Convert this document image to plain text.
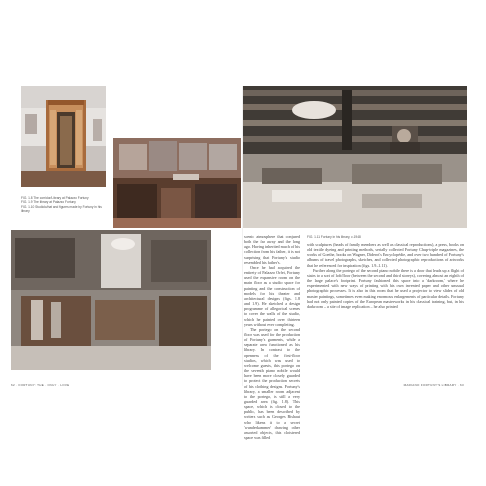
FIG. 1.8 The corridor/Library at Palazzo Fortuny
FIG. 1.9 The library at Palazzo Fortuny
FIG. 1.10 Studiolo/hat and figures made by Fortuny in his library
FIG. 1.11 Fortuny in his library, c.1948

scenic atmosphere that conjured both the far away and the long ago. Having inherited much of his collection from his father, it is not surprising that Fortuny's studio resembled his father's.

Once he had acquired the entirety of Palazzo Orfei, Fortuny used the expansive room on the main floor as a studio space for painting and the construction of models for his theater and architectural designs (figs. 1.8 and 1.9). He sketched a design programme of allegorical scenes to cover the walls of the studio, which he painted over thirteen years without ever completing.

The portego on the second floor was used for the production of Fortuny's garments, while a separate area functioned as his library. In contrast to the openness of the first-floor studios, which was used to welcome guests, this portego on the seventh piano nobile would have been more closely guarded to protect the production secrets of his clothing designs. Fortuny's library, a smaller room adjacent to the portego, is still a very guarded area (fig. 1.8). This space, which is closed to the public, has been described by writers such as Georges Bishaut who likens it to a secret 'wunderkammer' drawing other assorted objects, this cloistered space was filled

with sculptures (heads of family members as well as classical reproductions), a press, books on old textile dyeing and printing methods, serially collected Fortuny Chup-triple magazines, the works of Goethe, books on Wagner, Diderot's Encyclopédie, and over two hundred of Fortuny's albums of travel photographs, sketches, and collected photographic reproductions of artworks that he referenced for inspiration (figs. 1.9–1.11).

Further along the portego of the second piano nobile there is a door that leads up a flight of stairs to a sort of loft/floor (between the second and third storeys), covering almost an eighth of the large palace's footprint. Fortuny fashioned this space into a 'darkroom,' where he experimented with new ways of printing with his own invented paper and other unusual photographic processes. It is also in this room that he used a projector to view slides of old master paintings, sometimes even making enormous enlargements of particular details. Fortuny had not only painted copies of the European masterworks in his classical training, but, in his darkroom – a site of image replication – he also printed

62 · FORTUNY: THE · ONLY · LOVE	MARIANO FORTUNY'S LIBRARY · 63
